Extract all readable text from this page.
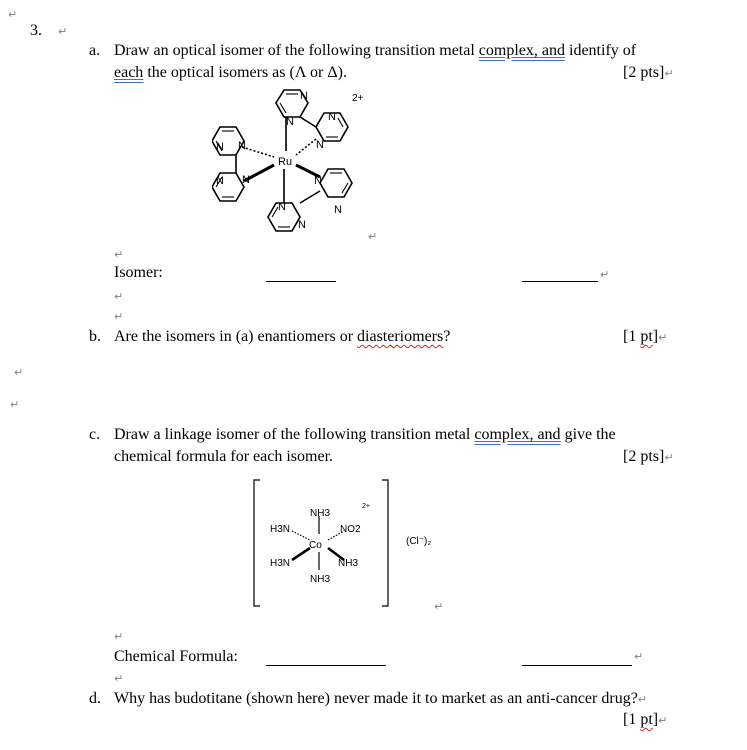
↵
↵
↵
3. ↵
a. Draw an optical isomer of the following transition metal complex, and identify of
each the optical isomers as (Λ or Δ).	[2 pts]↵
N
N
N
N
N N
N N	N
N
N
N
Ru
2+
↵
↵
Isomer:	↵
↵
↵
b. Are the isomers in (a) enantiomers or diasteriomers?	[1 pt]↵
c. Draw a linkage isomer of the following transition metal complex, and give the
chemical formula for each isomer.	[2 pts]↵
NH3
H3N	NO2
Co
H3N	NH3
NH3
2+
(Cl⁻)₂
↵
↵
Chemical Formula:	↵
↵
d. Why has budotitane (shown here) never made it to market as an anti-cancer drug?↵
[1 pt]↵
